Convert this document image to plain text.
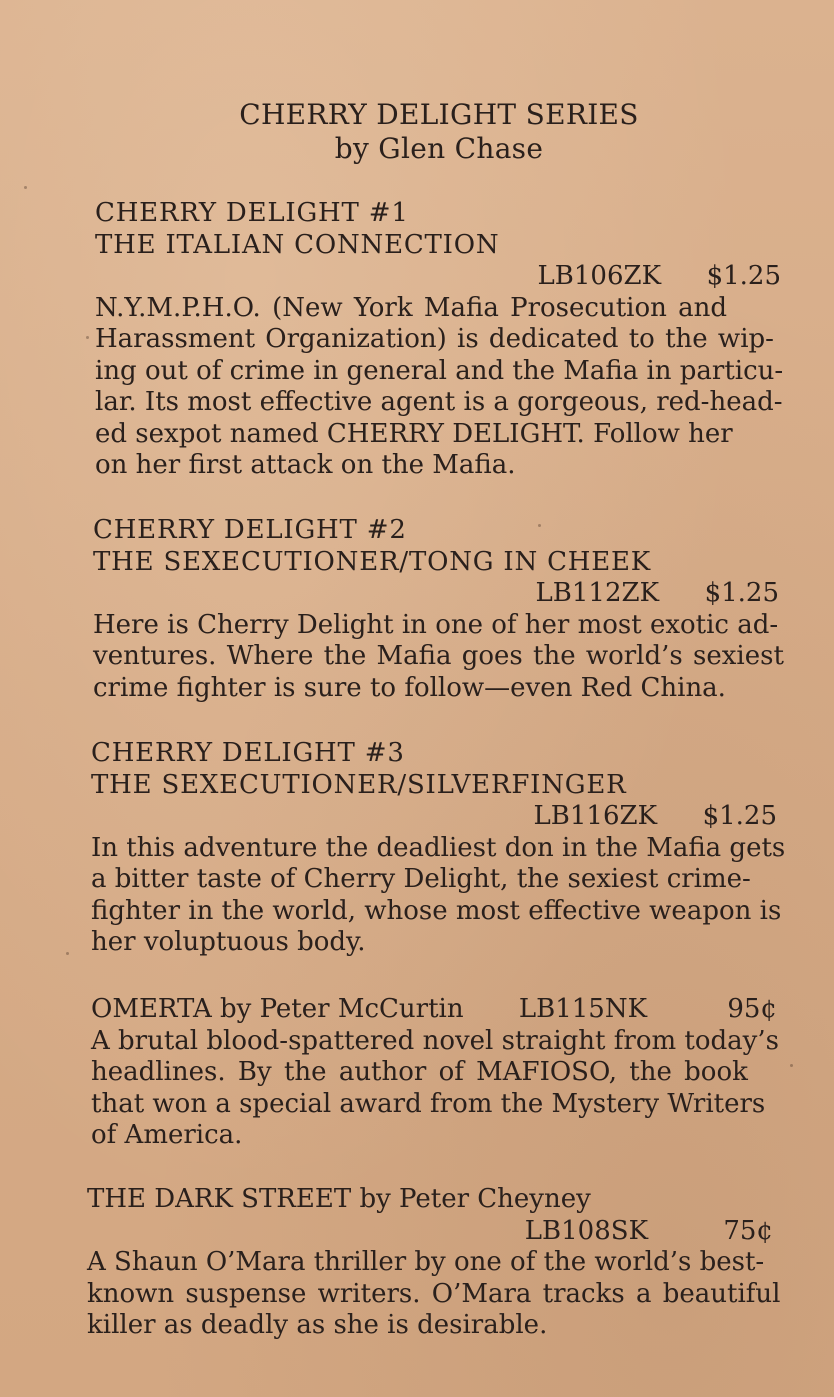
CHERRY DELIGHT SERIES
by Glen Chase
CHERRY DELIGHT #1
THE ITALIAN CONNECTION
LB106ZK $1.25
N.Y.M.P.H.O. (New York Mafia Prosecution and
Harassment Organization) is dedicated to the wip-
ing out of crime in general and the Mafia in particu-
lar. Its most effective agent is a gorgeous, red-head-
ed sexpot named CHERRY DELIGHT. Follow her
on her first attack on the Mafia.
CHERRY DELIGHT #2
THE SEXECUTIONER/TONG IN CHEEK
LB112ZK $1.25
Here is Cherry Delight in one of her most exotic ad-
ventures. Where the Mafia goes the world’s sexiest
crime fighter is sure to follow—even Red China.
CHERRY DELIGHT #3
THE SEXECUTIONER/SILVERFINGER
LB116ZK $1.25
In this adventure the deadliest don in the Mafia gets
a bitter taste of Cherry Delight, the sexiest crime-
fighter in the world, whose most effective weapon is
her voluptuous body.
OMERTA by Peter McCurtin LB115NK	95¢
A brutal blood-spattered novel straight from today’s
headlines. By the author of MAFIOSO, the book
that won a special award from the Mystery Writers
of America.
THE DARK STREET by Peter Cheyney
LB108SK	75¢
A Shaun O’Mara thriller by one of the world’s best-
known suspense writers. O’Mara tracks a beautiful
killer as deadly as she is desirable.
